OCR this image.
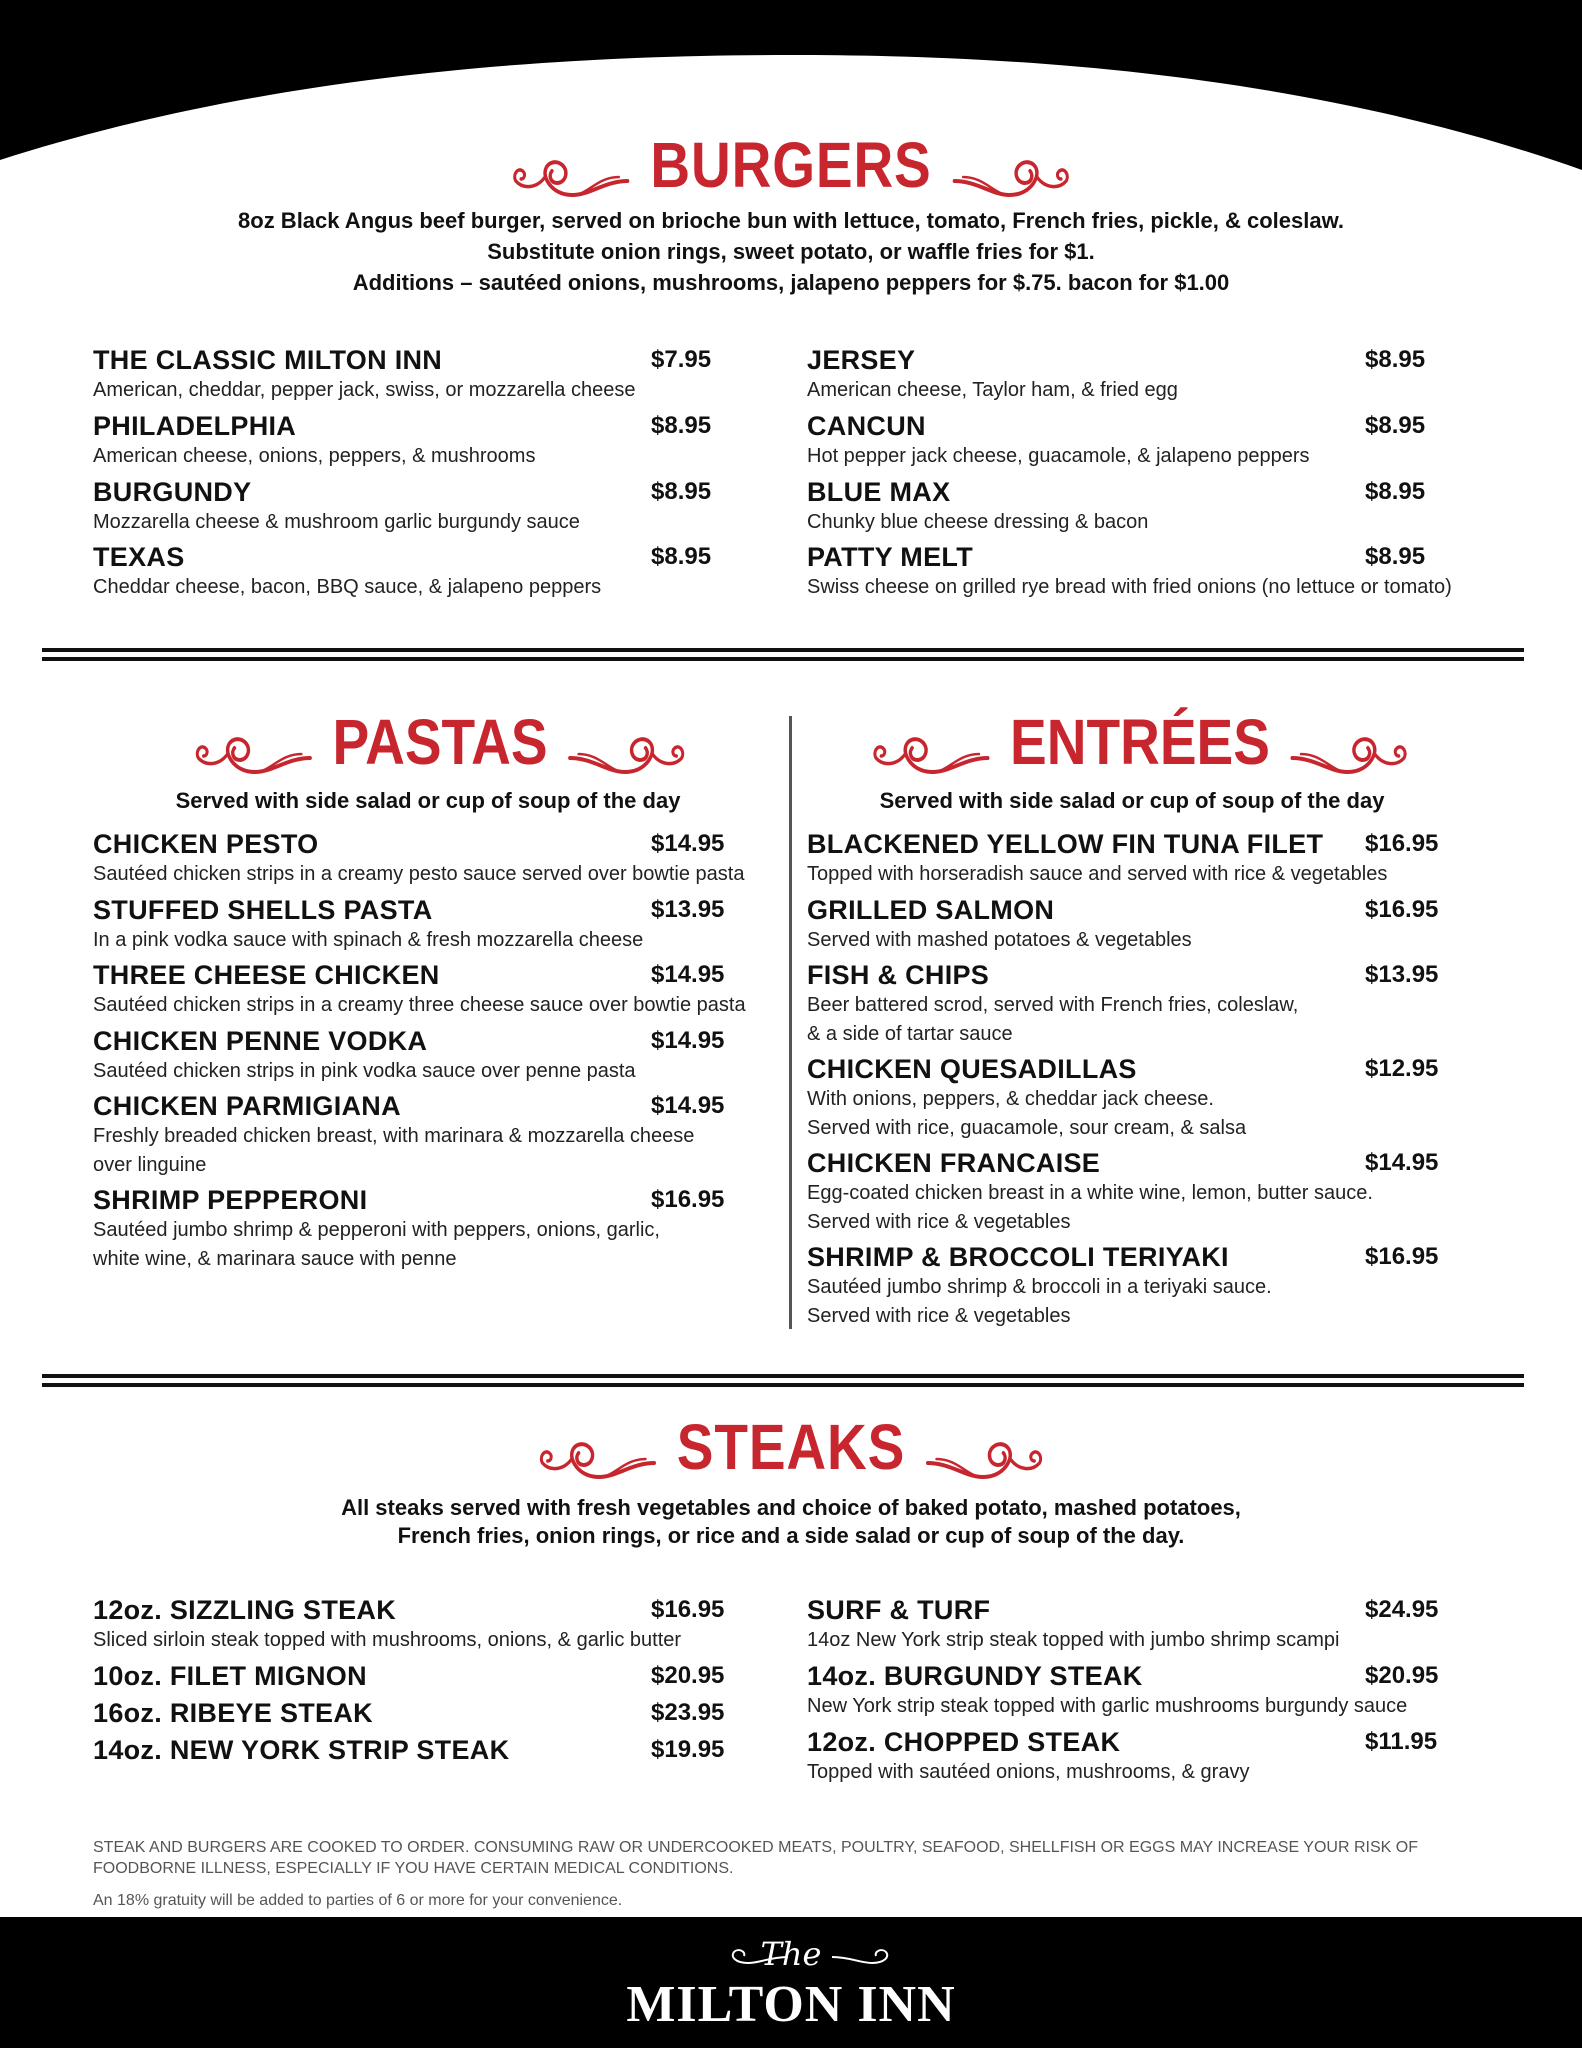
BURGERS
8oz Black Angus beef burger, served on brioche bun with lettuce, tomato, French fries, pickle, & coleslaw.
Substitute onion rings, sweet potato, or waffle fries for $1.
Additions – sautéed onions, mushrooms, jalapeno peppers for $.75. bacon for $1.00
THE CLASSIC MILTON INN	$7.95
American, cheddar, pepper jack, swiss, or mozzarella cheese
PHILADELPHIA	$8.95
American cheese, onions, peppers, & mushrooms
BURGUNDY	$8.95
Mozzarella cheese & mushroom garlic burgundy sauce
TEXAS	$8.95
Cheddar cheese, bacon, BBQ sauce, & jalapeno peppers
JERSEY	$8.95
American cheese, Taylor ham, & fried egg
CANCUN	$8.95
Hot pepper jack cheese, guacamole, & jalapeno peppers
BLUE MAX	$8.95
Chunky blue cheese dressing & bacon
PATTY MELT	$8.95
Swiss cheese on grilled rye bread with fried onions (no lettuce or tomato)
PASTAS
Served with side salad or cup of soup of the day
CHICKEN PESTO	$14.95
Sautéed chicken strips in a creamy pesto sauce served over bowtie pasta
STUFFED SHELLS PASTA	$13.95
In a pink vodka sauce with spinach & fresh mozzarella cheese
THREE CHEESE CHICKEN	$14.95
Sautéed chicken strips in a creamy three cheese sauce over bowtie pasta
CHICKEN PENNE VODKA	$14.95
Sautéed chicken strips in pink vodka sauce over penne pasta
CHICKEN PARMIGIANA	$14.95
Freshly breaded chicken breast, with marinara & mozzarella cheese
over linguine
SHRIMP PEPPERONI	$16.95
Sautéed jumbo shrimp & pepperoni with peppers, onions, garlic,
white wine, & marinara sauce with penne
ENTRÉES
Served with side salad or cup of soup of the day
BLACKENED YELLOW FIN TUNA FILET	$16.95
Topped with horseradish sauce and served with rice & vegetables
GRILLED SALMON	$16.95
Served with mashed potatoes & vegetables
FISH & CHIPS	$13.95
Beer battered scrod, served with French fries, coleslaw,
& a side of tartar sauce
CHICKEN QUESADILLAS	$12.95
With onions, peppers, & cheddar jack cheese.
Served with rice, guacamole, sour cream, & salsa
CHICKEN FRANCAISE	$14.95
Egg-coated chicken breast in a white wine, lemon, butter sauce.
Served with rice & vegetables
SHRIMP & BROCCOLI TERIYAKI	$16.95
Sautéed jumbo shrimp & broccoli in a teriyaki sauce.
Served with rice & vegetables
STEAKS
All steaks served with fresh vegetables and choice of baked potato, mashed potatoes,
French fries, onion rings, or rice and a side salad or cup of soup of the day.
12oz. SIZZLING STEAK	$16.95
Sliced sirloin steak topped with mushrooms, onions, & garlic butter
10oz. FILET MIGNON	$20.95
16oz. RIBEYE STEAK	$23.95
14oz. NEW YORK STRIP STEAK	$19.95
SURF & TURF	$24.95
14oz New York strip steak topped with jumbo shrimp scampi
14oz. BURGUNDY STEAK	$20.95
New York strip steak topped with garlic mushrooms burgundy sauce
12oz. CHOPPED STEAK	$11.95
Topped with sautéed onions, mushrooms, & gravy
STEAK AND BURGERS ARE COOKED TO ORDER. CONSUMING RAW OR UNDERCOOKED MEATS, POULTRY, SEAFOOD, SHELLFISH OR EGGS MAY INCREASE YOUR RISK OF FOODBORNE ILLNESS, ESPECIALLY IF YOU HAVE CERTAIN MEDICAL CONDITIONS.
An 18% gratuity will be added to parties of 6 or more for your convenience.
The
MILTON INN
